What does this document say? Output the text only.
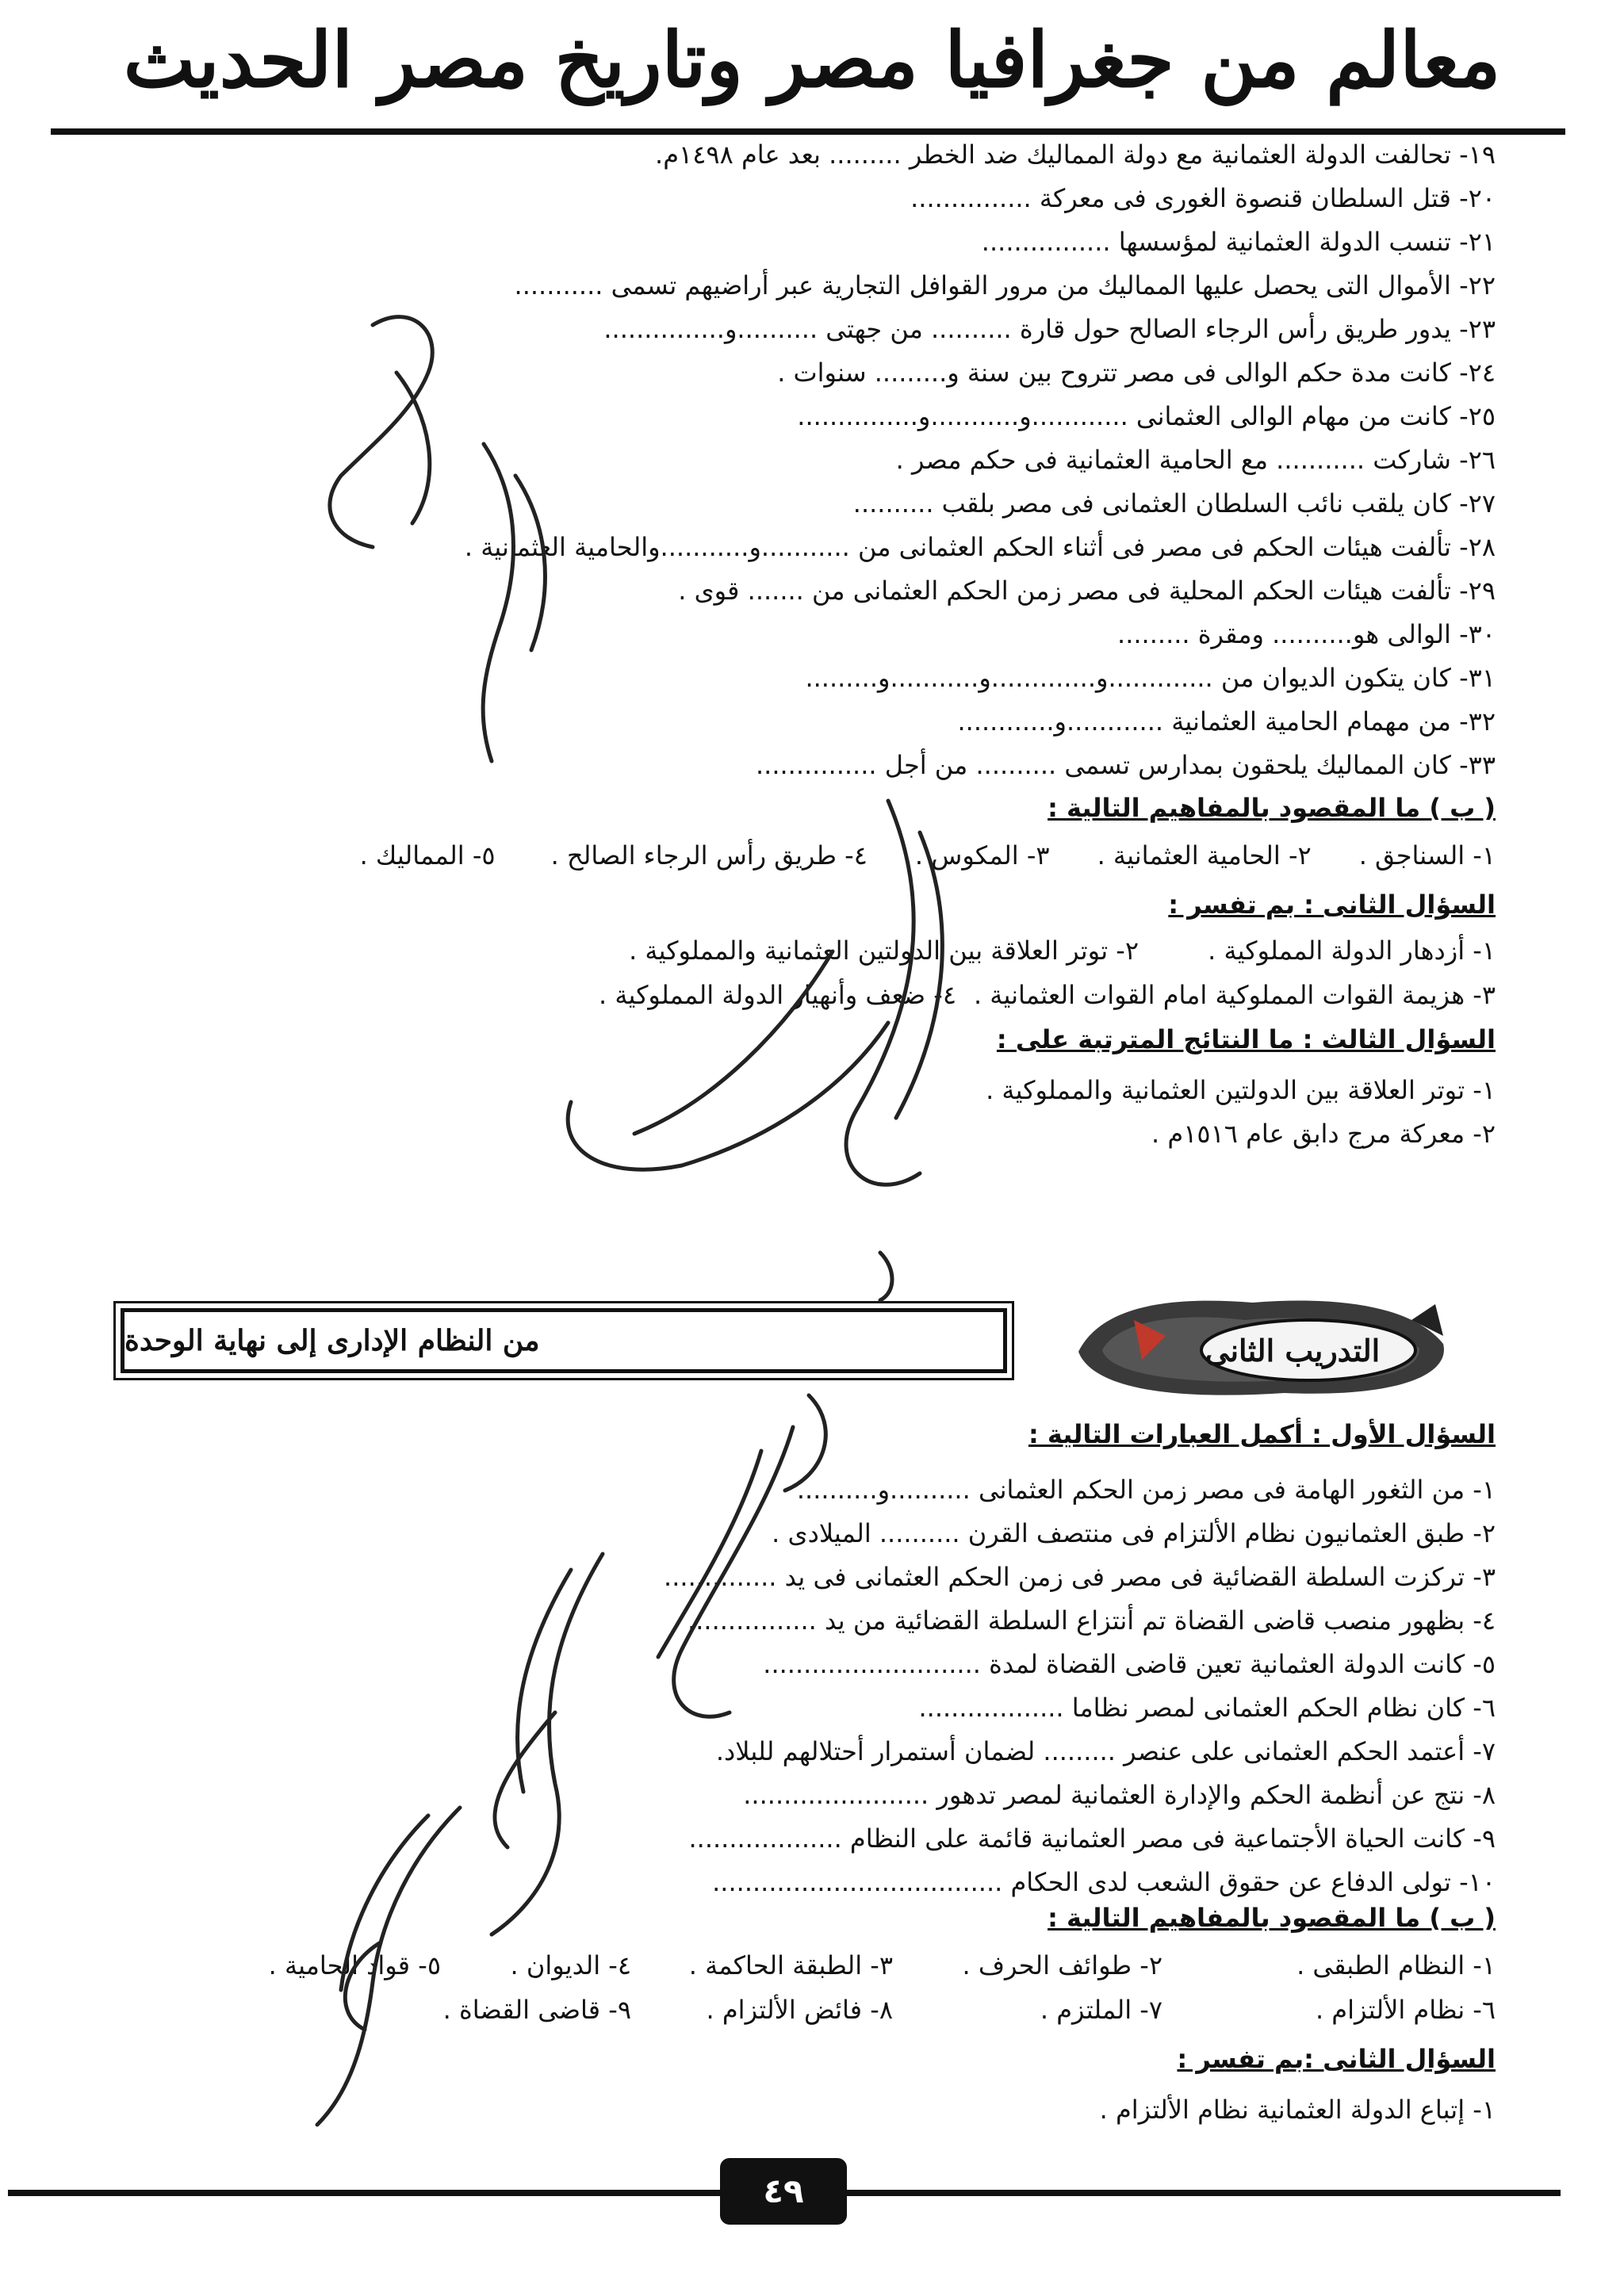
معالم من جغرافيا مصر وتاريخ مصر الحديث
١٩- تحالفت الدولة العثمانية مع دولة المماليك ضد الخطر ......... بعد عام ١٤٩٨م.
٢٠- قتل السلطان قنصوة الغورى فى معركة ...............
٢١- تنسب الدولة العثمانية لمؤسسها ................
٢٢- الأموال التى يحصل عليها المماليك من مرور القوافل التجارية عبر أراضيهم تسمى ...........
٢٣- يدور طريق رأس الرجاء الصالح حول قارة .......... من جهتى ..........و...............
٢٤- كانت مدة حكم الوالى فى مصر تتروح بين سنة و......... سنوات .
٢٥- كانت من مهام الوالى العثمانى ............و...........و...............
٢٦- شاركت ........... مع الحامية العثمانية فى حكم مصر .
٢٧- كان يلقب نائب السلطان العثمانى فى مصر بلقب ..........
٢٨- تألفت هيئات الحكم فى مصر فى أثناء الحكم العثمانى من ...........و...........والحامية العثمانية .
٢٩- تألفت هيئات الحكم المحلية فى مصر زمن الحكم العثمانى من ....... قوى .
٣٠- الوالى هو.......... ومقرة .........
٣١- كان يتكون الديوان من .............و.............و...........و.........
٣٢- من مهمام الحامية العثمانية ............و............
٣٣- كان المماليك يلحقون بمدارس تسمى .......... من أجل ...............
( ب ) ما المقصود بالمفاهيم التالية :
١- السناجق .
٢- الحامية العثمانية .
٣- المكوس .
٤- طريق رأس الرجاء الصالح .
٥- المماليك .
السؤال الثانى : بم تفسر :
١- أزدهار الدولة المملوكية .
٢- توتر العلاقة بين الدولتين العثمانية والمملوكية .
٣- هزيمة القوات المملوكية امام القوات العثمانية .
٤- ضعف وأنهيار الدولة المملوكية .
السؤال الثالث : ما النتائج المترتبة على :
١- توتر العلاقة بين الدولتين العثمانية والمملوكية .
٢- معركة مرج دابق عام ١٥١٦م .
من النظام الإدارى إلى نهاية الوحدة	التدريب الثانى
السؤال الأول : أكمل العبارات التالية :
١- من الثغور الهامة فى مصر زمن الحكم العثمانى ..........و..........
٢- طبق العثمانيون نظام الألتزام فى منتصف القرن .......... الميلادى .
٣- تركزت السلطة القضائية فى مصر فى زمن الحكم العثمانى فى يد ..............
٤- بظهور منصب قاضى القضاة تم أنتزاع السلطة القضائية من يد ................
٥- كانت الدولة العثمانية تعين قاضى القضاة لمدة ...........................
٦- كان نظام الحكم العثمانى لمصر نظاما ..................
٧- أعتمد الحكم العثمانى على عنصر ......... لضمان أستمرار أحتلالهم للبلاد.
٨- نتج عن أنظمة الحكم والإدارة العثمانية لمصر تدهور .......................
٩- كانت الحياة الأجتماعية فى مصر العثمانية قائمة على النظام ...................
١٠- تولى الدفاع عن حقوق الشعب لدى الحكام ....................................
( ب ) ما المقصود بالمفاهيم التالية :
١- النظام الطبقى .
٢- طوائف الحرف .
٣- الطبقة الحاكمة .
٤- الديوان .
٥- قواد الحامية .
٦- نظام الألتزام .
٧- الملتزم .
٨- فائض الألتزام .
٩- قاضى القضاة .
السؤال الثانى :بم تفسر :
١- إتباع الدولة العثمانية نظام الألتزام .
٤٩
